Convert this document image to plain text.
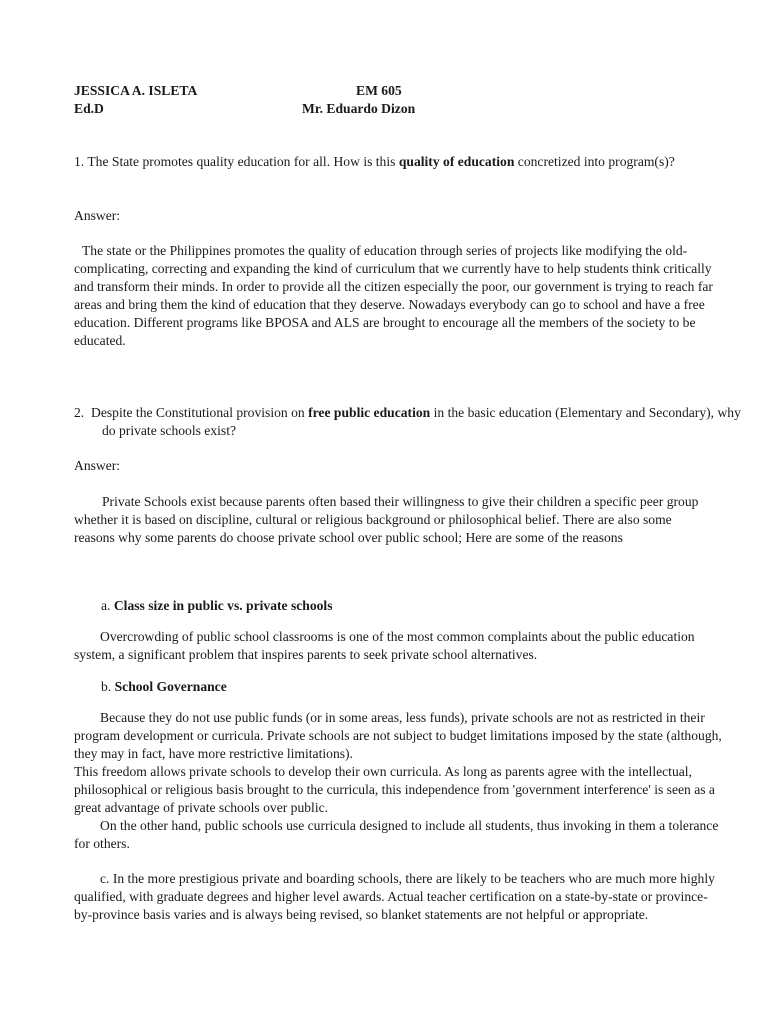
JESSICA A. ISLETA	EM 605
Ed.D	Mr. Eduardo Dizon

1. The State promotes quality education for all. How is this quality of education concretized into program(s)?

Answer:

The state or the Philippines promotes the quality of education through series of projects like modifying the old-complicating, correcting and expanding the kind of curriculum that we currently have to help students think critically and transform their minds. In order to provide all the citizen especially the poor, our government is trying to reach far areas and bring them the kind of education that they deserve. Nowadays everybody can go to school and have a free education. Different programs like BPOSA and ALS are brought to encourage all the members of the society to be educated.

2. Despite the Constitutional provision on free public education in the basic education (Elementary and Secondary), why do private schools exist?

Answer:

Private Schools exist because parents often based their willingness to give their children a specific peer group whether it is based on discipline, cultural or religious background or philosophical belief. There are also some reasons why some parents do choose private school over public school; Here are some of the reasons

a. Class size in public vs. private schools

Overcrowding of public school classrooms is one of the most common complaints about the public education system, a significant problem that inspires parents to seek private school alternatives.

b. School Governance

Because they do not use public funds (or in some areas, less funds), private schools are not as restricted in their program development or curricula. Private schools are not subject to budget limitations imposed by the state (although, they may in fact, have more restrictive limitations).

This freedom allows private schools to develop their own curricula. As long as parents agree with the intellectual, philosophical or religious basis brought to the curricula, this independence from 'government interference' is seen as a great advantage of private schools over public.

On the other hand, public schools use curricula designed to include all students, thus invoking in them a tolerance for others.

c. In the more prestigious private and boarding schools, there are likely to be teachers who are much more highly qualified, with graduate degrees and higher level awards. Actual teacher certification on a state-by-state or province-by-province basis varies and is always being revised, so blanket statements are not helpful or appropriate.
